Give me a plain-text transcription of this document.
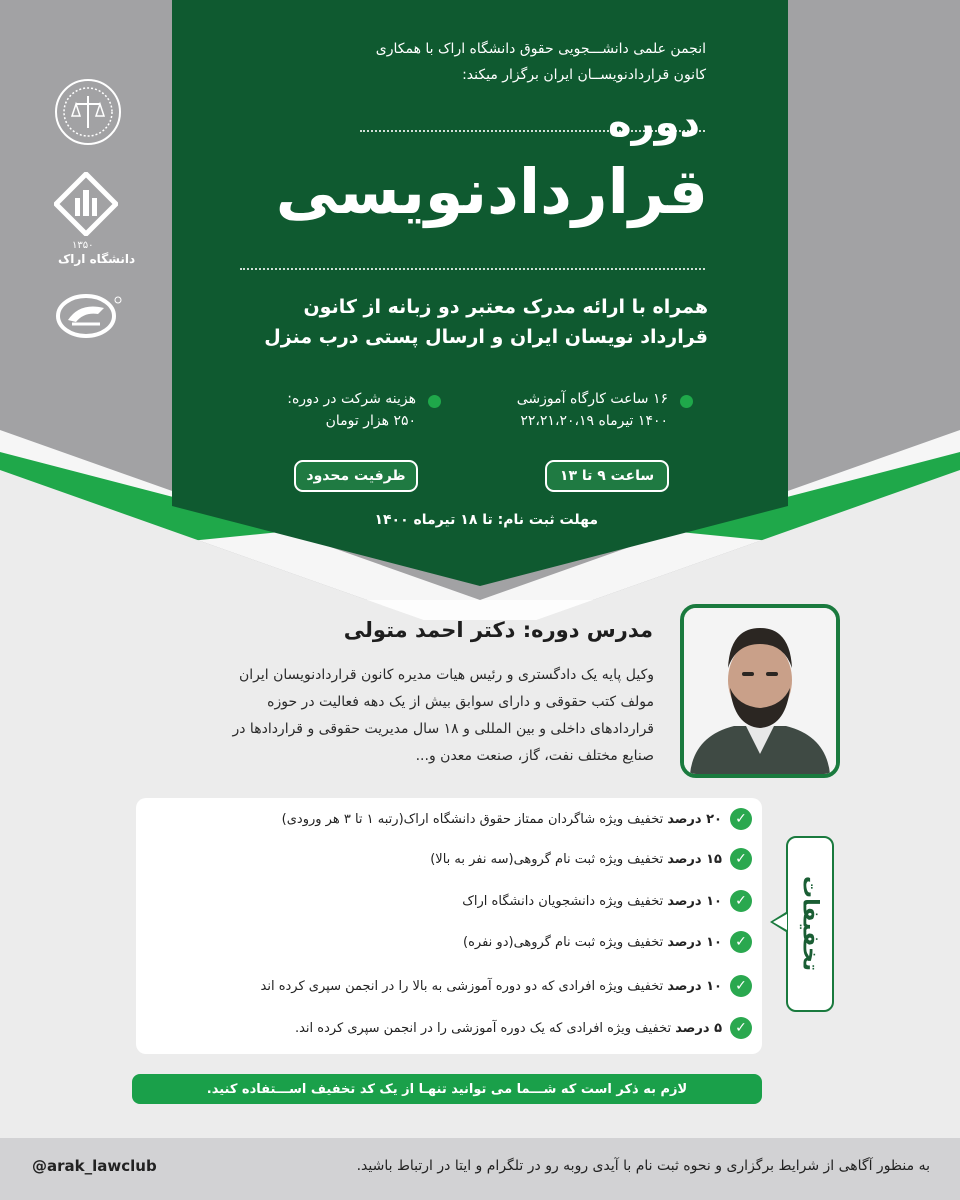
انجمن علمی دانشـــجویی حقوق دانشگاه اراک با همکاری
کانون قراردادنویســان ایران برگزار میکند:
دوره
قراردادنویسی
همراه با ارائه مدرک معتبر دو زبانه از کانون
قرارداد نویسان ایران و ارسال پستی درب منزل
۱۶ ساعت کارگاه آموزشی
۱۴۰۰ تیرماه ۲۲،۲۱،۲۰،۱۹
هزینه شرکت در دوره:
۲۵۰ هزار تومان
ساعت ۹ تا ۱۳
ظرفیت محدود
مهلت ثبت نام: تا ۱۸ تیرماه ۱۴۰۰
۱۳۵۰
دانشگاه اراک
مدرس دوره: دکتر احمد متولی
وکیل پایه یک دادگستری و رئیس هیات مدیره کانون قراردادنویسان ایران
مولف کتب حقوقی و دارای سوابق بیش از یک دهه فعالیت در حوزه
قراردادهای داخلی و بین المللی و ۱۸ سال مدیریت حقوقی و قراردادها در
صنایع مختلف نفت، گاز، صنعت معدن و...
✓
۲۰ درصد تخفیف ویژه شاگردان ممتاز حقوق دانشگاه اراک(رتبه ۱ تا ۳ هر ورودی)
✓
۱۵ درصد تخفیف ویژه ثبت نام گروهی(سه نفر به بالا)
✓
۱۰ درصد تخفیف ویژه دانشجویان دانشگاه اراک
✓
۱۰ درصد تخفیف ویژه ثبت نام گروهی(دو نفره)
✓
۱۰ درصد تخفیف ویژه افرادی که دو دوره آموزشی به بالا را در انجمن سپری کرده اند
✓
۵ درصد تخفیف ویژه افرادی که یک دوره آموزشی را در انجمن سپری کرده اند.
تخفیفات
لازم به ذکر است که شـــما می توانید تنهـا از یک کد تخفیف اســـتفاده کنید.
به منظور آگاهی از شرایط برگزاری و نحوه ثبت نام با آیدی روبه رو در تلگرام و ایتا در ارتباط باشید.
@arak_lawclub
